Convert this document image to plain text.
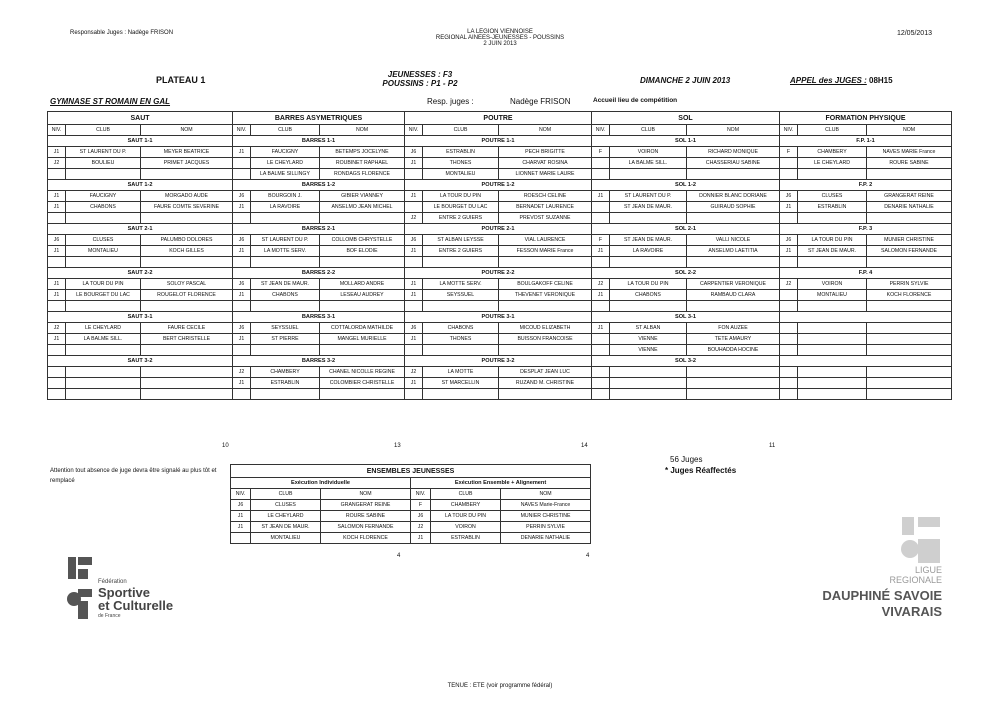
Responsable Juges : Nadège FRISON	LA LEGION VIENNOISE
REGIONAL AINEES-JEUNESSES - POUSSINS
2 JUIN 2013
12/05/2013
PLATEAU 1
JEUNESSES : F3
POUSSINS : P1 - P2	DIMANCHE 2 JUIN 2013	APPEL des JUGES : 08H15
GYMNASE ST ROMAIN EN GAL	Resp. juges :	Nadège FRISON	Accueil lieu de compétition
SAUT		
NIV.	CLUB	NOM
SAUT 1-1		
J1	ST LAURENT DU P.	MEYER BEATRICE
J2	BOULIEU	PRIMET JACQUES

SAUT 1-2		
J1	FAUCIGNY	MORGADO AUDE
J1	CHABONS	FAURE COMTE SEVERINE

SAUT 2-1		
J6	CLUSES	PALUMBO DOLORES
J1	MONTALIEU	KOCH GILLES

SAUT 2-2		
J1	LA TOUR DU PIN	SOLOY PASCAL
J1	LE BOURGET DU LAC	ROUGELOT FLORENCE

SAUT 3-1		
J2	LE CHEYLARD	FAURE CECILE
J1	LA BALME SILL.	BERT CHRISTELLE

SAUT 3-2		

10
BARRES ASYMETRIQUES		
NIV.	CLUB	NOM
BARRES 1-1		
J1	FAUCIGNY	BETEMPS JOCELYNE
	LE CHEYLARD	ROUBINET RAPHAEL
	LA BALME SILLINGY	RONDAGS FLORENCE
BARRES 1-2		
J6	BOURGOIN J.	GIBIER VIANNEY
J1	LA RAVOIRE	ANSELMO JEAN MICHEL

BARRES 2-1		
J6	ST LAURENT DU P.	COLLOMB CHRYSTELLE
J1	LA MOTTE SERV.	BOF ELODIE

BARRES 2-2		
J6	ST JEAN DE MAUR.	MOLLARD ANDRE
J1	CHABONS	LESEAU AUDREY

BARRES 3-1		
J6	SEYSSUEL	COTTALORDA MATHILDE
J1	ST PIERRE	MANGEL MURIELLE

BARRES 3-2		
J2	CHAMBERY	CHANEL NICOLLE REGINE
J1	ESTRABLIN	COLOMBIER CHRISTELLE

13
POUTRE		
NIV.	CLUB	NOM
POUTRE 1-1		
J6	ESTRABLIN	PECH BRIGITTE
J1	THONES	CHARVAT ROSINA
	MONTALIEU	LIONNET MARIE LAURE
POUTRE 1-2		
J1	LA TOUR DU PIN	ROESCH CELINE
	LE BOURGET DU LAC	BERNADET LAURENCE
J2	ENTRE 2 GUIERS	PREVOST SUZANNE
POUTRE 2-1		
J6	ST ALBAN LEYSSE	VIAL LAURENCE
J1	ENTRE 2 GUIERS	FESSON MARIE France

POUTRE 2-2		
J1	LA MOTTE SERV.	BOULGAKOFF CELINE
J1	SEYSSUEL	THEVENET VERONIQUE

POUTRE 3-1		
J6	CHABONS	MICOUD ELIZABETH
J1	THONES	BUISSON FRANCOISE

POUTRE 3-2		
J2	LA MOTTE	DESPLAT JEAN LUC
J1	ST MARCELLIN	RUZAND M. CHRISTINE

14
SOL		
NIV.	CLUB	NOM
SOL 1-1		
F	VOIRON	RICHARD MONIQUE
	LA BALME SILL.	CHASSERIAU SABINE

SOL 1-2		
J1	ST LAURENT DU P.	DONNIER BLANC DORIANE
	ST JEAN DE MAUR.	GUIRAUD SOPHIE

SOL 2-1		
F	ST JEAN DE MAUR.	VALLI NICOLE
J1	LA RAVOIRE	ANSELMO LAETITIA

SOL 2-2		
J2	LA TOUR DU PIN	CARPENTIER VERONIQUE
J1	CHABONS	RAMBAUD CLARA

SOL 3-1		
J1	ST ALBAN	FON AUZEE
	VIENNE	TETE AMAURY
	VIENNE	BOUHADDA HOCINE
SOL 3-2		

11
FORMATION PHYSIQUE		
NIV.	CLUB	NOM
F.P. 1-1		
F	CHAMBERY	NAVES MARIE France
	LE CHEYLARD	ROURE SABINE

F.P. 2		
J6	CLUSES	GRANGERAT REINE
J1	ESTRABLIN	DENARIE NATHALIE

F.P. 3		
J6	LA TOUR DU PIN	MUNIER CHRISTINE
J1	ST JEAN DE MAUR.	SALOMON FERNANDE

F.P. 4		
J2	VOIRON	PERRIN SYLVIE
	MONTALIEU	KOCH FLORENCE

56 Juges
* Juges Réaffectés
Attention tout absence de juge devra être signalé au plus tôt et remplacé
ENSEMBLES JEUNESSES					
Exécution Individuelle			Exécution Ensemble + Alignement		
NIV.	CLUB	NOM	NIV.	CLUB	NOM
J6	CLUSES	GRANGERAT REINE	F	CHAMBERY	NAVES Marie-France
J1	LE CHEYLARD	ROURE SABINE	J6	LA TOUR DU PIN	MUNIER CHRISTINE
J1	ST JEAN DE MAUR.	SALOMON FERNANDE	J2	VOIRON	PERRIN SYLVIE
	MONTALIEU	KOCH FLORENCE	J1	ESTRABLIN	DENARIE NATHALIE
4	4

Fédération
Sportive
et Culturelle
de France
LIGUE
REGIONALE
DAUPHINÉ SAVOIE
VIVARAIS
TENUE : ETE (voir programme fédéral)
